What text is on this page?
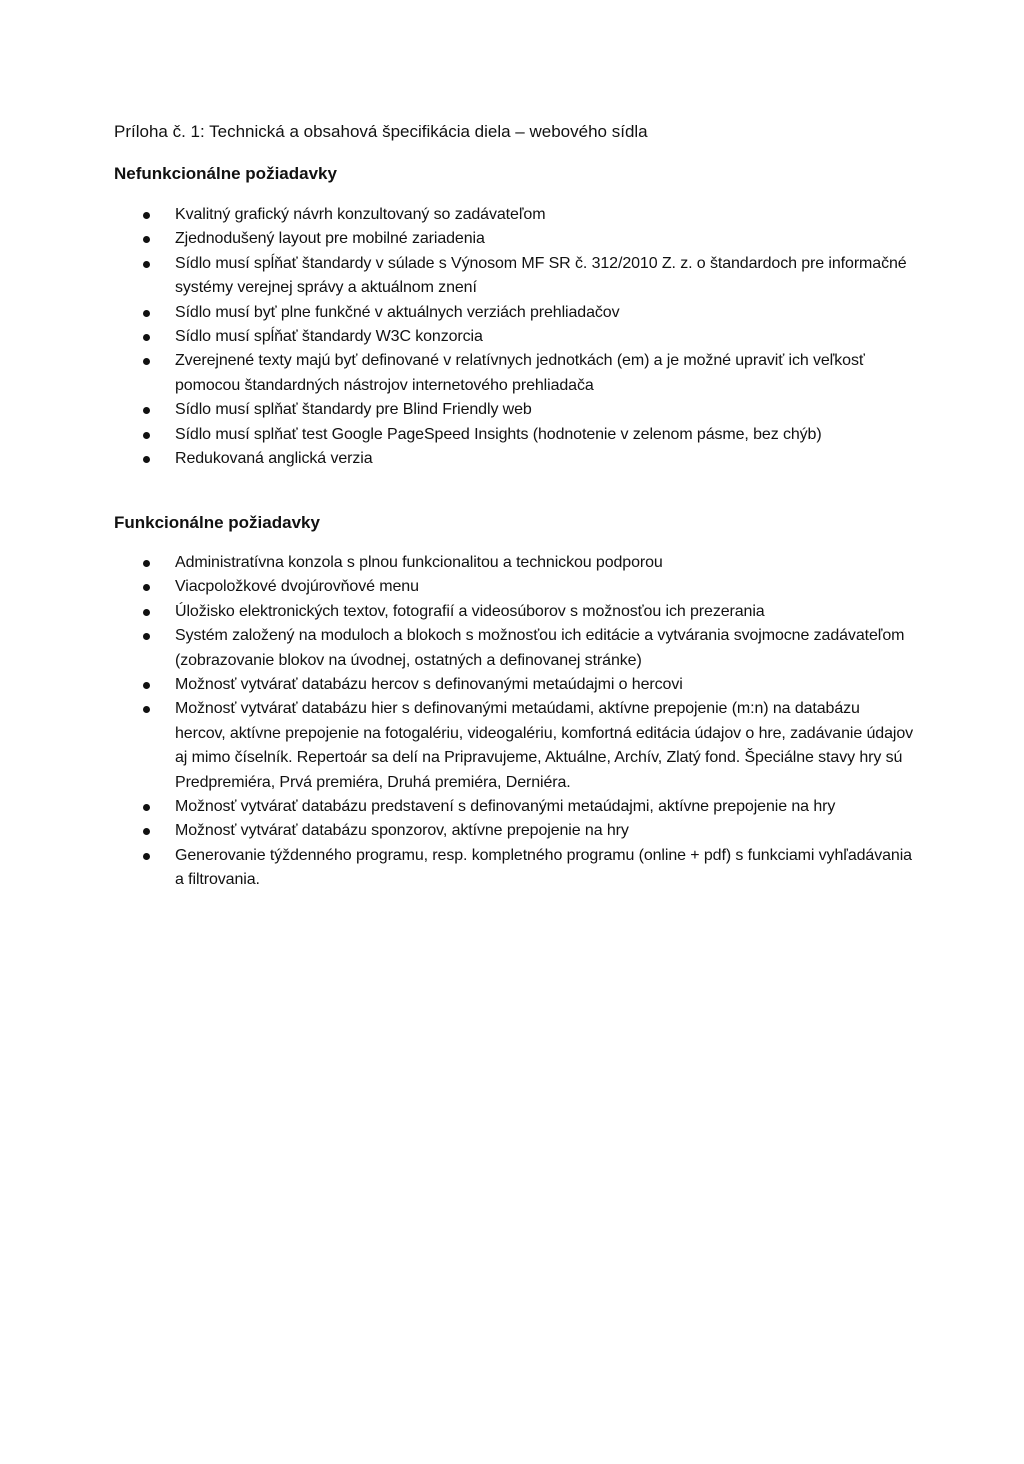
Príloha č. 1: Technická a obsahová špecifikácia diela – webového sídla
Nefunkcionálne požiadavky
Kvalitný grafický návrh konzultovaný so zadávateľom
Zjednodušený layout pre mobilné zariadenia
Sídlo musí spĺňať štandardy v súlade s Výnosom MF SR č. 312/2010 Z. z. o štandardoch pre informačné systémy verejnej správy a aktuálnom znení
Sídlo musí byť plne funkčné v aktuálnych verziách prehliadačov
Sídlo musí spĺňať štandardy W3C konzorcia
Zverejnené texty majú byť definované v relatívnych jednotkách (em) a je možné upraviť ich veľkosť pomocou štandardných nástrojov internetového prehliadača
Sídlo musí splňať štandardy pre Blind Friendly web
Sídlo musí splňať test Google PageSpeed Insights (hodnotenie v zelenom pásme, bez chýb)
Redukovaná anglická verzia
Funkcionálne požiadavky
Administratívna konzola s plnou funkcionalitou a technickou podporou
Viacpoložkové dvojúrovňové menu
Úložisko elektronických textov, fotografií a videosúborov s možnosťou ich prezerania
Systém založený na moduloch a blokoch s možnosťou ich editácie a vytvárania svojmocne zadávateľom (zobrazovanie blokov na úvodnej, ostatných a definovanej stránke)
Možnosť vytvárať databázu hercov s definovanými metaúdajmi o hercovi
Možnosť vytvárať databázu hier s definovanými metaúdami, aktívne prepojenie (m:n) na databázu hercov, aktívne prepojenie na fotogalériu, videogalériu, komfortná editácia údajov o hre, zadávanie údajov aj mimo číselník. Repertoár sa delí na Pripravujeme, Aktuálne, Archív, Zlatý fond. Špeciálne stavy hry sú Predpremiéra, Prvá premiéra, Druhá premiéra, Derniéra.
Možnosť vytvárať databázu predstavení s definovanými metaúdajmi, aktívne prepojenie na hry
Možnosť vytvárať databázu sponzorov, aktívne prepojenie na hry
Generovanie týždenného programu, resp. kompletného programu (online + pdf) s funkciami vyhľadávania a filtrovania.
